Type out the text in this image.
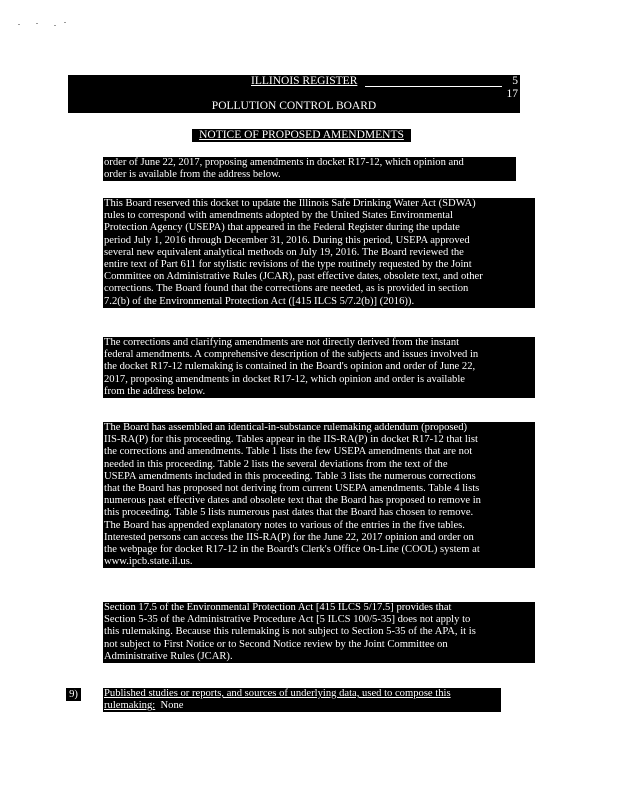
ILLINOIS REGISTER	5
17
POLLUTION CONTROL BOARD
NOTICE OF PROPOSED AMENDMENTS
order of June 22, 2017, proposing amendments in docket R17-12, which opinion and
order is available from the address below.
This Board reserved this docket to update the Illinois Safe Drinking Water Act (SDWA)
rules to correspond with amendments adopted by the United States Environmental
Protection Agency (USEPA) that appeared in the Federal Register during the update
period July 1, 2016 through December 31, 2016. During this period, USEPA approved
several new equivalent analytical methods on July 19, 2016. The Board reviewed the
entire text of Part 611 for stylistic revisions of the type routinely requested by the Joint
Committee on Administrative Rules (JCAR), past effective dates, obsolete text, and other
corrections. The Board found that the corrections are needed, as is provided in section
7.2(b) of the Environmental Protection Act ([415 ILCS 5/7.2(b)] (2016)).
The corrections and clarifying amendments are not directly derived from the instant
federal amendments. A comprehensive description of the subjects and issues involved in
the docket R17-12 rulemaking is contained in the Board's opinion and order of June 22,
2017, proposing amendments in docket R17-12, which opinion and order is available
from the address below.
The Board has assembled an identical-in-substance rulemaking addendum (proposed)
IIS-RA(P) for this proceeding. Tables appear in the IIS-RA(P) in docket R17-12 that list
the corrections and amendments. Table 1 lists the few USEPA amendments that are not
needed in this proceeding. Table 2 lists the several deviations from the text of the
USEPA amendments included in this proceeding. Table 3 lists the numerous corrections
that the Board has proposed not deriving from current USEPA amendments. Table 4 lists
numerous past effective dates and obsolete text that the Board has proposed to remove in
this proceeding. Table 5 lists numerous past dates that the Board has chosen to remove.
The Board has appended explanatory notes to various of the entries in the five tables.
Interested persons can access the IIS-RA(P) for the June 22, 2017 opinion and order on
the webpage for docket R17-12 in the Board's Clerk's Office On-Line (COOL) system at
www.ipcb.state.il.us.
Section 17.5 of the Environmental Protection Act [415 ILCS 5/17.5] provides that
Section 5-35 of the Administrative Procedure Act [5 ILCS 100/5-35] does not apply to
this rulemaking. Because this rulemaking is not subject to Section 5-35 of the APA, it is
not subject to First Notice or to Second Notice review by the Joint Committee on
Administrative Rules (JCAR).
9) Published studies or reports, and sources of underlying data, used to compose this
rulemaking: None
